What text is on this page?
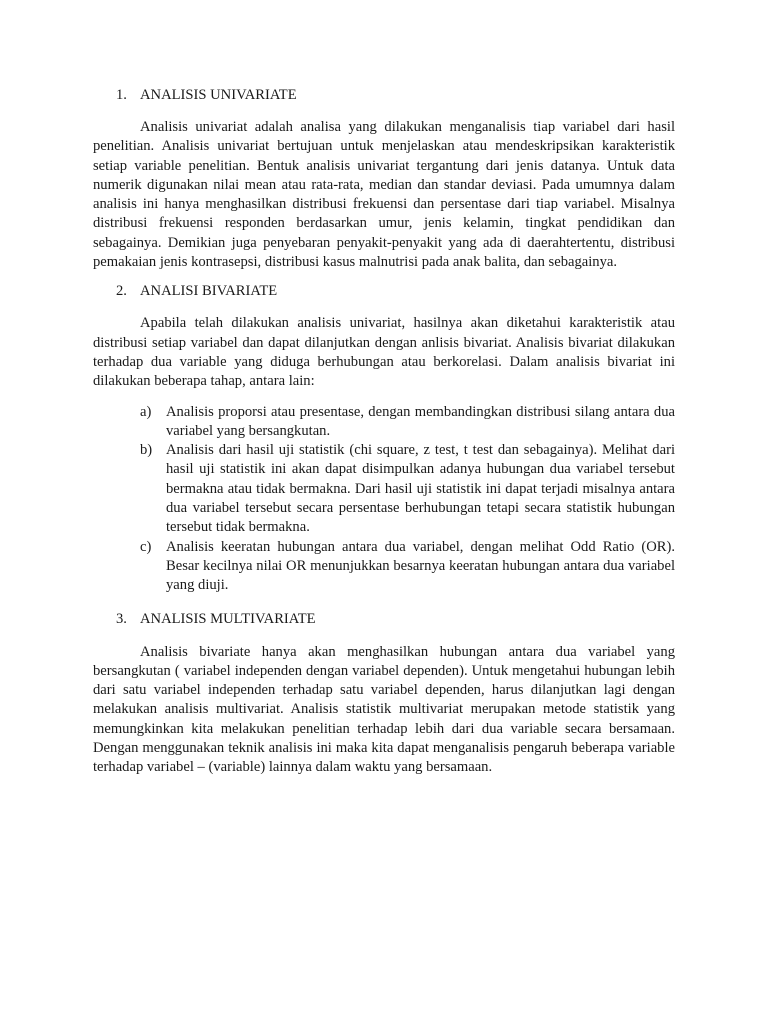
1. ANALISIS UNIVARIATE

Analisis univariat adalah analisa yang dilakukan menganalisis tiap variabel dari hasil penelitian. Analisis univariat bertujuan untuk menjelaskan atau mendeskripsikan karakteristik setiap variable penelitian. Bentuk analisis univariat tergantung dari jenis datanya. Untuk data numerik digunakan nilai mean atau rata-rata, median dan standar deviasi. Pada umumnya dalam analisis ini hanya menghasilkan distribusi frekuensi dan persentase dari tiap variabel. Misalnya distribusi frekuensi responden berdasarkan umur, jenis kelamin, tingkat pendidikan dan sebagainya. Demikian juga penyebaran penyakit-penyakit yang ada di daerahtertentu, distribusi pemakaian jenis kontrasepsi, distribusi kasus malnutrisi pada anak balita, dan sebagainya.

2. ANALISI BIVARIATE

Apabila telah dilakukan analisis univariat, hasilnya akan diketahui karakteristik atau distribusi setiap variabel dan dapat dilanjutkan dengan anlisis bivariat. Analisis bivariat dilakukan terhadap dua variable yang diduga berhubungan atau berkorelasi. Dalam analisis bivariat ini dilakukan beberapa tahap, antara lain:

a)	Analisis proporsi atau presentase, dengan membandingkan distribusi silang antara dua variabel yang bersangkutan.
b) Analisis dari hasil uji statistik (chi square, z test, t test dan sebagainya). Melihat dari hasil uji statistik ini akan dapat disimpulkan adanya hubungan dua variabel tersebut bermakna atau tidak bermakna. Dari hasil uji statistik ini dapat terjadi misalnya antara dua variabel tersebut secara persentase berhubungan tetapi secara statistik hubungan tersebut tidak bermakna.
c)	Analisis keeratan hubungan antara dua variabel, dengan melihat Odd Ratio (OR). Besar kecilnya nilai OR menunjukkan besarnya keeratan hubungan antara dua variabel yang diuji.
3. ANALISIS MULTIVARIATE

Analisis bivariate hanya akan menghasilkan hubungan antara dua variabel yang bersangkutan ( variabel independen dengan variabel dependen). Untuk mengetahui hubungan lebih dari satu variabel independen terhadap satu variabel dependen, harus dilanjutkan lagi dengan melakukan analisis multivariat. Analisis statistik multivariat merupakan metode statistik yang memungkinkan kita melakukan penelitian terhadap lebih dari dua variable secara bersamaan. Dengan menggunakan teknik analisis ini maka kita dapat menganalisis pengaruh beberapa variable terhadap variabel – (variable) lainnya dalam waktu yang bersamaan.
